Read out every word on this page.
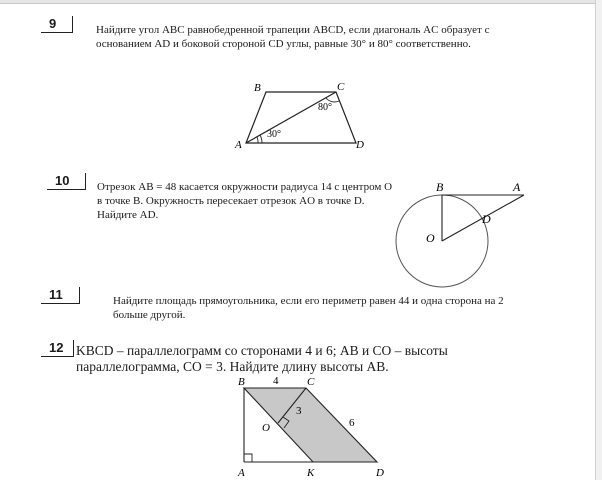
9	Найдите угол ABC равнобедренной трапеции ABCD, если диагональ AC образует с основанием AD и боковой стороной CD углы, равные 30° и 80° соответственно.
B	C
A	D
30°
80°
10	Отрезок AB = 48 касается окружности радиуса 14 с центром O в точке B. Окружность пересекает отрезок AO в точке D. Найдите AD.
B	A
D
O
11	Найдите площадь прямоугольника, если его периметр равен 44 и одна сторона на 2 больше другой.
12 KBCD – параллелограмм со сторонами 4 и 6; AB и CO – высоты
параллелограмма, CO = 3. Найдите длину высоты AB.
B	C
A	K	D
O
4
6
3
